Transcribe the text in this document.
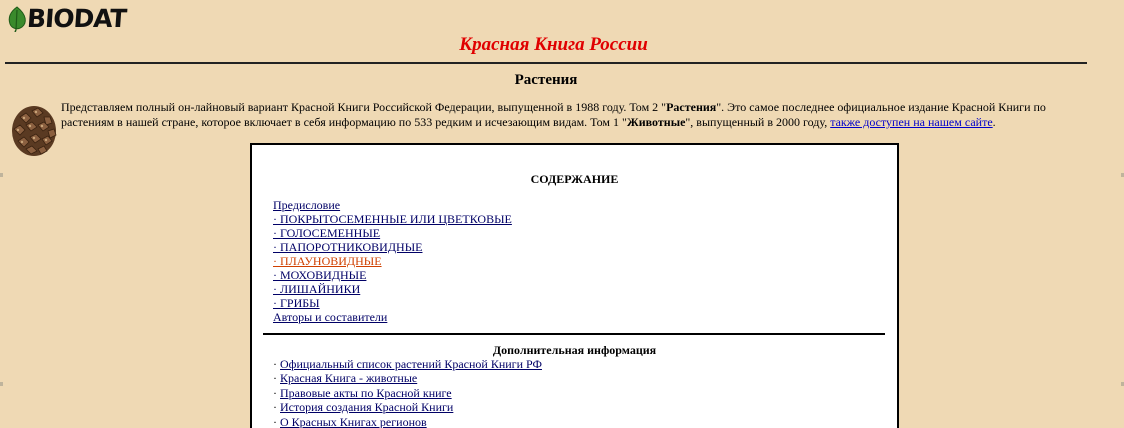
BIODAT
Красная Книга России
Растения
Представляем полный он-лайновый вариант Красной Книги Российской Федерации, выпущенной в 1988 году. Том 2 "Растения". Это самое последнее официальное издание Красной Книги по растениям в нашей стране, которое включает в себя информацию по 533 редким и исчезающим видам. Том 1 "Животные", выпущенный в 2000 году, также доступен на нашем сайте.
СОДЕРЖАНИЕ
Предисловие
· ПОКРЫТОСЕМЕННЫЕ ИЛИ ЦВЕТКОВЫЕ
· ГОЛОСЕМЕННЫЕ
· ПАПОРОТНИКОВИДНЫЕ
· ПЛАУНОВИДНЫЕ
· МОХОВИДНЫЕ
· ЛИШАЙНИКИ
· ГРИБЫ
Авторы и составители
Дополнительная информация
· Официальный список растений Красной Книги РФ
· Красная Книга - животные
· Правовые акты по Красной книге
· История создания Красной Книги
· О Красных Книгах регионов
